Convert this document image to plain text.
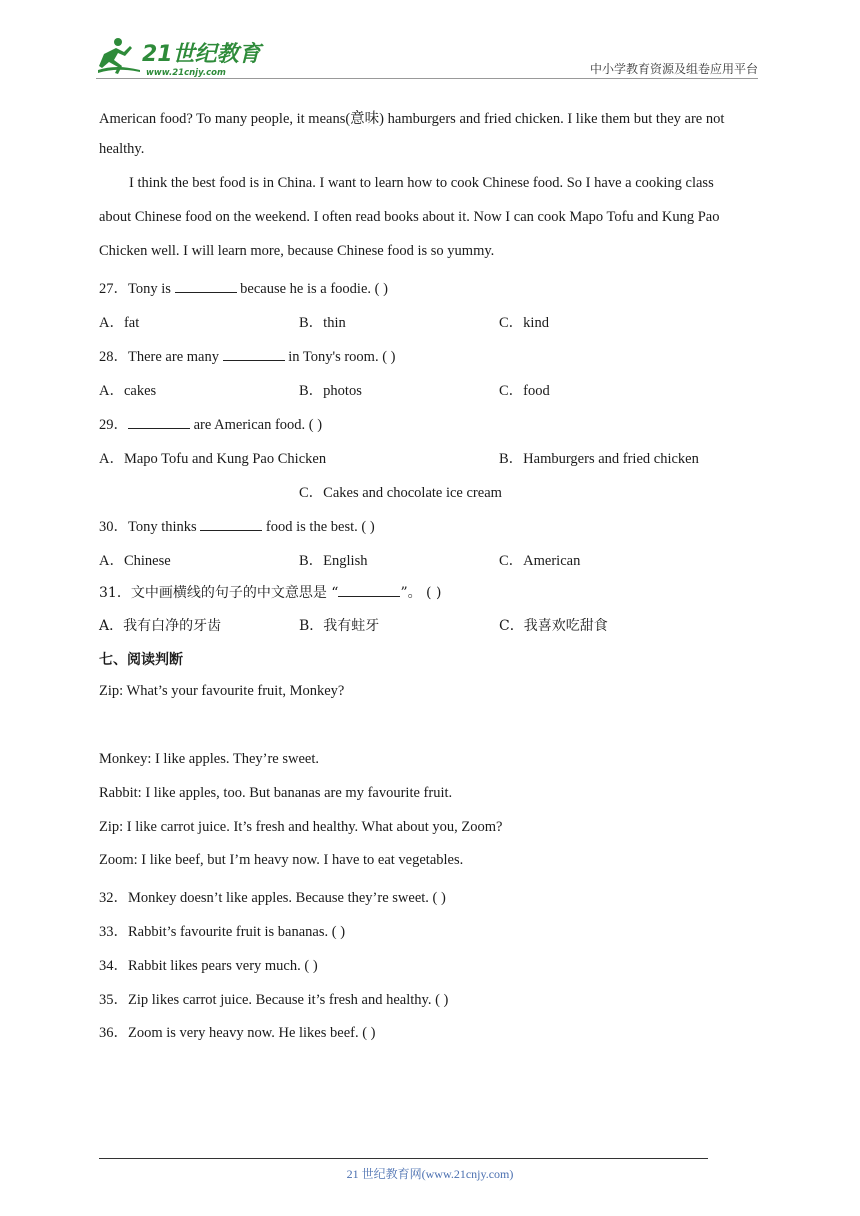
21世纪教育
www.21cnjy.com	中小学教育资源及组卷应用平台
American food? To many people, it means(意味) hamburgers and fried chicken. I like them but they are not
healthy.
I think the best food is in China. I want to learn how to cook Chinese food. So I have a cooking class
about Chinese food on the weekend. I often read books about it. Now I can cook Mapo Tofu and Kung Pao
Chicken well. I will learn more, because Chinese food is so yummy.
27．Tony is	because he is a foodie. ( )
A．fat	B．thin	C．kind
28．There are many	in Tony's room. ( )
A．cakes	B．photos	C．food
29．	are American food. ( )
A．Mapo Tofu and Kung Pao Chicken	B．Hamburgers and fried chicken
C．Cakes and chocolate ice cream
30．Tony thinks	food is the best. ( )
A．Chinese	B．English	C．American
31．文中画横线的句子的中文意思是 “	”。 ( )
A．我有白净的牙齿	B．我有蛀牙	C．我喜欢吃甜食
七、阅读判断
Zip: What’s your favourite fruit, Monkey?
Monkey: I like apples. They’re sweet.
Rabbit: I like apples, too. But bananas are my favourite fruit.
Zip: I like carrot juice. It’s fresh and healthy. What about you, Zoom?
Zoom: I like beef, but I’m heavy now. I have to eat vegetables.
32．Monkey doesn’t like apples. Because they’re sweet. ( )
33．Rabbit’s favourite fruit is bananas. ( )
34．Rabbit likes pears very much. ( )
35．Zip likes carrot juice. Because it’s fresh and healthy. ( )
36．Zoom is very heavy now. He likes beef. ( )
21 世纪教育网(www.21cnjy.com)
